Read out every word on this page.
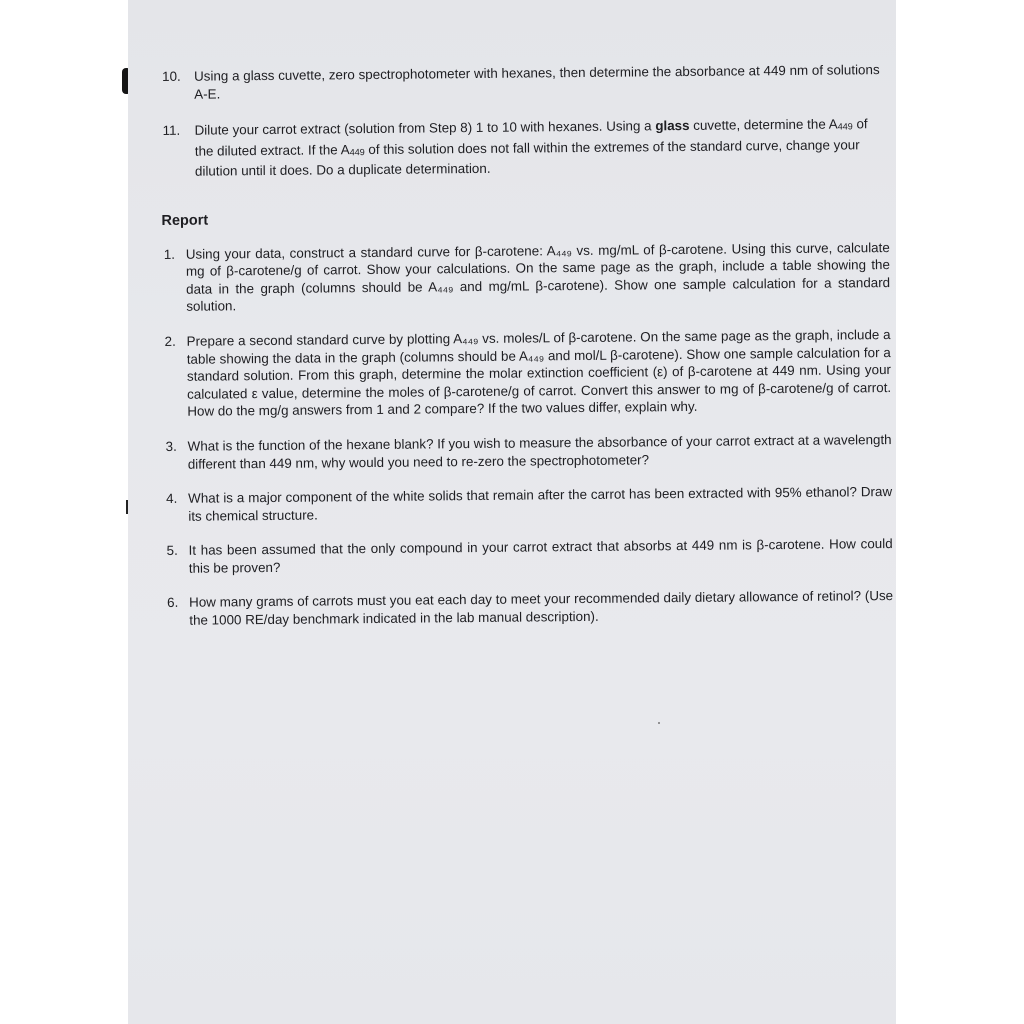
10. Using a glass cuvette, zero spectrophotometer with hexanes, then determine the absorbance at 449 nm of solutions A-E.
11. Dilute your carrot extract (solution from Step 8) 1 to 10 with hexanes. Using a glass cuvette, determine the A449 of the diluted extract. If the A449 of this solution does not fall within the extremes of the standard curve, change your dilution until it does. Do a duplicate determination.
Report
1. Using your data, construct a standard curve for β-carotene: A₄₄₉ vs. mg/mL of β-carotene. Using this curve, calculate mg of β-carotene/g of carrot. Show your calculations. On the same page as the graph, include a table showing the data in the graph (columns should be A₄₄₉ and mg/mL β-carotene). Show one sample calculation for a standard solution.
2. Prepare a second standard curve by plotting A₄₄₉ vs. moles/L of β-carotene. On the same page as the graph, include a table showing the data in the graph (columns should be A₄₄₉ and mol/L β-carotene). Show one sample calculation for a standard solution. From this graph, determine the molar extinction coefficient (ε) of β-carotene at 449 nm. Using your calculated ε value, determine the moles of β-carotene/g of carrot. Convert this answer to mg of β-carotene/g of carrot. How do the mg/g answers from 1 and 2 compare? If the two values differ, explain why.
3. What is the function of the hexane blank? If you wish to measure the absorbance of your carrot extract at a wavelength different than 449 nm, why would you need to re-zero the spectrophotometer?
4. What is a major component of the white solids that remain after the carrot has been extracted with 95% ethanol? Draw its chemical structure.
5. It has been assumed that the only compound in your carrot extract that absorbs at 449 nm is β-carotene. How could this be proven?
6. How many grams of carrots must you eat each day to meet your recommended daily dietary allowance of retinol? (Use the 1000 RE/day benchmark indicated in the lab manual description).
